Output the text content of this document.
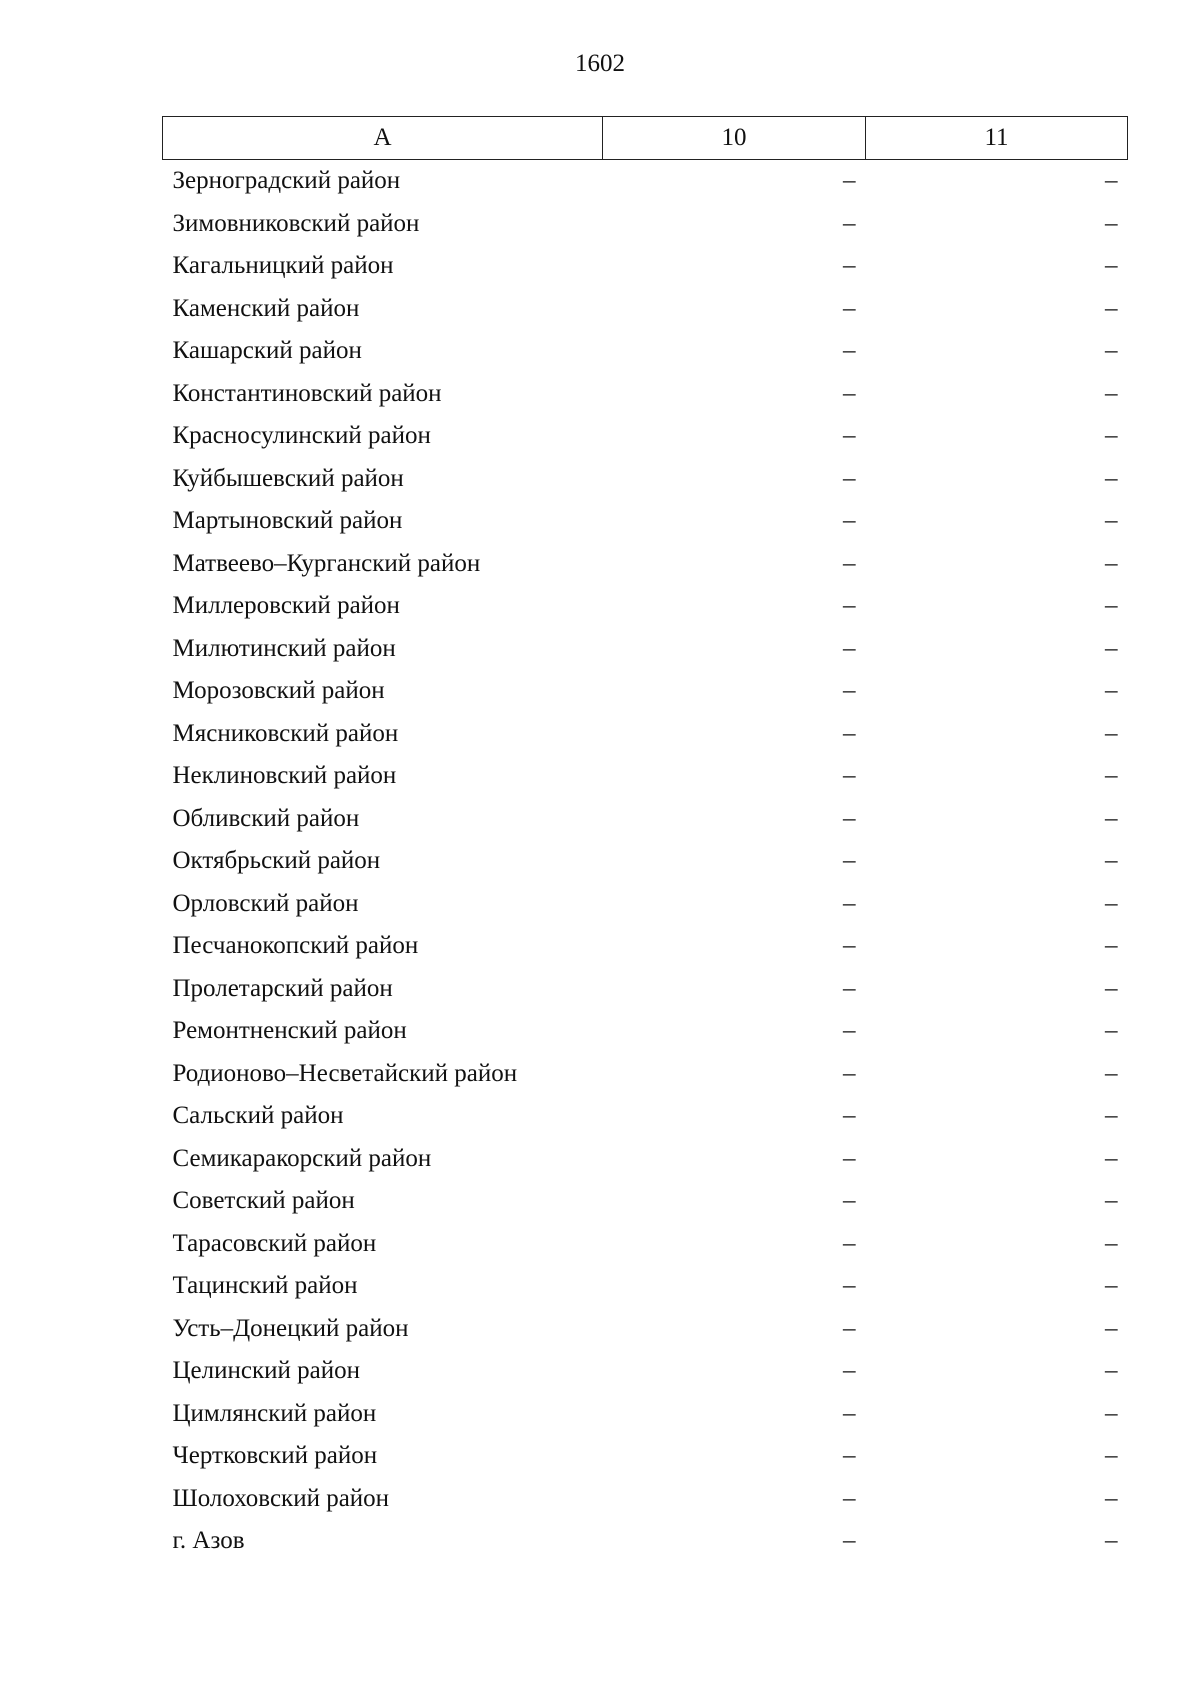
1602
А	10	11
Зерноградский район	–	–
Зимовниковский район	–	–
Кагальницкий район	–	–
Каменский район	–	–
Кашарский район	–	–
Константиновский район	–	–
Красносулинский район	–	–
Куйбышевский район	–	–
Мартыновский район	–	–
Матвеево–Курганский район	–	–
Миллеровский район	–	–
Милютинский район	–	–
Морозовский район	–	–
Мясниковский район	–	–
Неклиновский район	–	–
Обливский район	–	–
Октябрьский район	–	–
Орловский район	–	–
Песчанокопский район	–	–
Пролетарский район	–	–
Ремонтненский район	–	–
Родионово–Несветайский район	–	–
Сальский район	–	–
Семикаракорский район	–	–
Советский район	–	–
Тарасовский район	–	–
Тацинский район	–	–
Усть–Донецкий район	–	–
Целинский район	–	–
Цимлянский район	–	–
Чертковский район	–	–
Шолоховский район	–	–
г. Азов	–	–
